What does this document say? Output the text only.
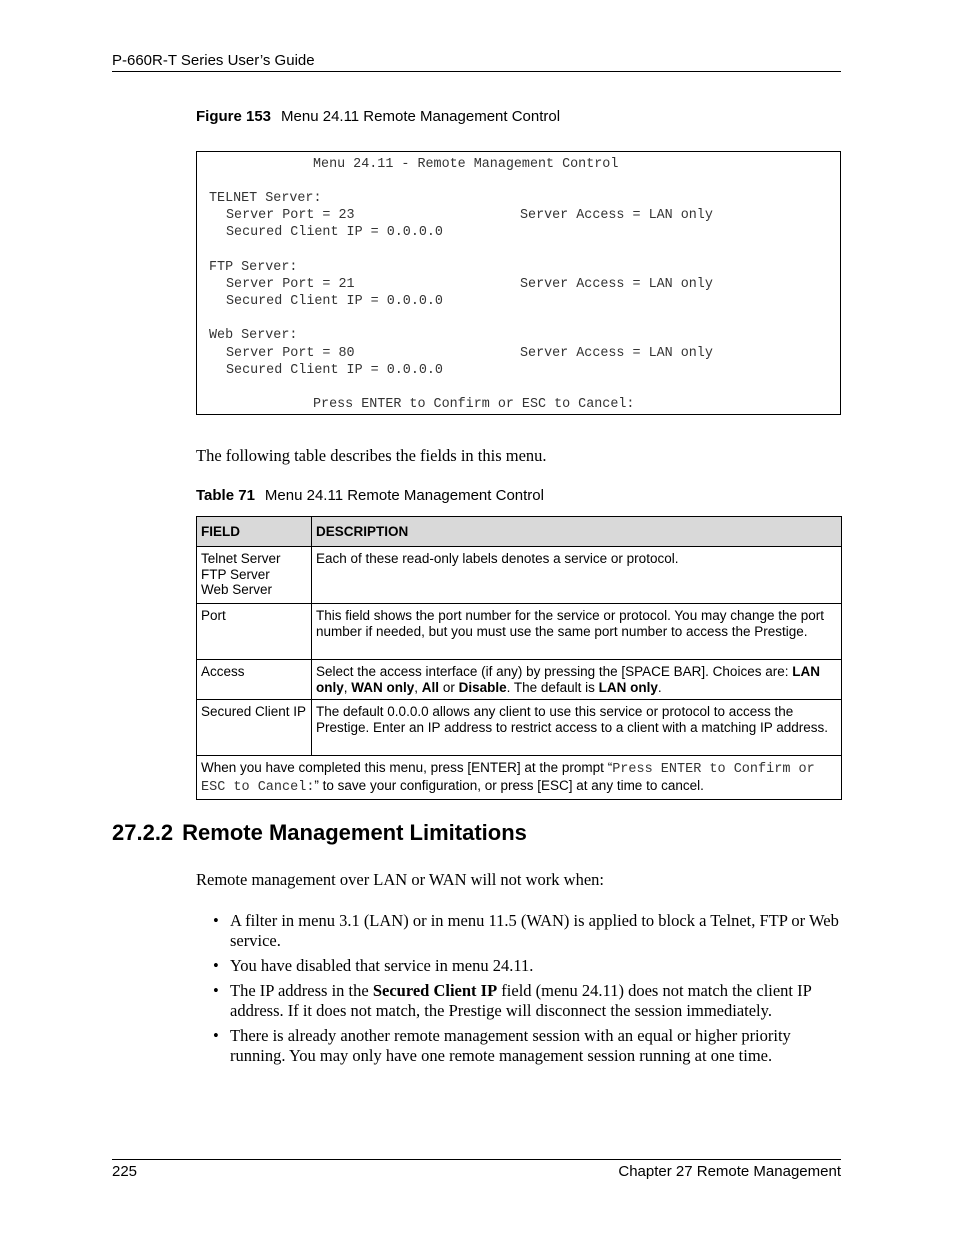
P-660R-T Series User’s Guide
Figure 153 Menu 24.11 Remote Management Control
Menu 24.11 - Remote Management Control
TELNET Server:
Server Port = 23	Server Access = LAN only
Secured Client IP = 0.0.0.0
FTP Server:
Server Port = 21	Server Access = LAN only
Secured Client IP = 0.0.0.0
Web Server:
Server Port = 80	Server Access = LAN only
Secured Client IP = 0.0.0.0
Press ENTER to Confirm or ESC to Cancel:
The following table describes the fields in this menu.
Table 71 Menu 24.11 Remote Management Control
FIELD	DESCRIPTION

Telnet Server
FTP Server
Web Server	Each of these read-only labels denotes a service or protocol.
Port	This field shows the port number for the service or protocol. You may change the port number if needed, but you must use the same port number to access the Prestige.
Access	Select the access interface (if any) by pressing the [SPACE BAR]. Choices are: LAN only, WAN only, All or Disable. The default is LAN only.
Secured Client IP	The default 0.0.0.0 allows any client to use this service or protocol to access the Prestige. Enter an IP address to restrict access to a client with a matching IP address.
When you have completed this menu, press [ENTER] at the prompt “Press ENTER to Confirm or ESC to Cancel:” to save your configuration, or press [ESC] at any time to cancel.	
27.2.2 Remote Management Limitations
Remote management over LAN or WAN will not work when:
• A filter in menu 3.1 (LAN) or in menu 11.5 (WAN) is applied to block a Telnet, FTP or Web service.
• You have disabled that service in menu 24.11.
• The IP address in the Secured Client IP field (menu 24.11) does not match the client IP address. If it does not match, the Prestige will disconnect the session immediately.
• There is already another remote management session with an equal or higher priority running. You may only have one remote management session running at one time.
225	Chapter 27 Remote Management
